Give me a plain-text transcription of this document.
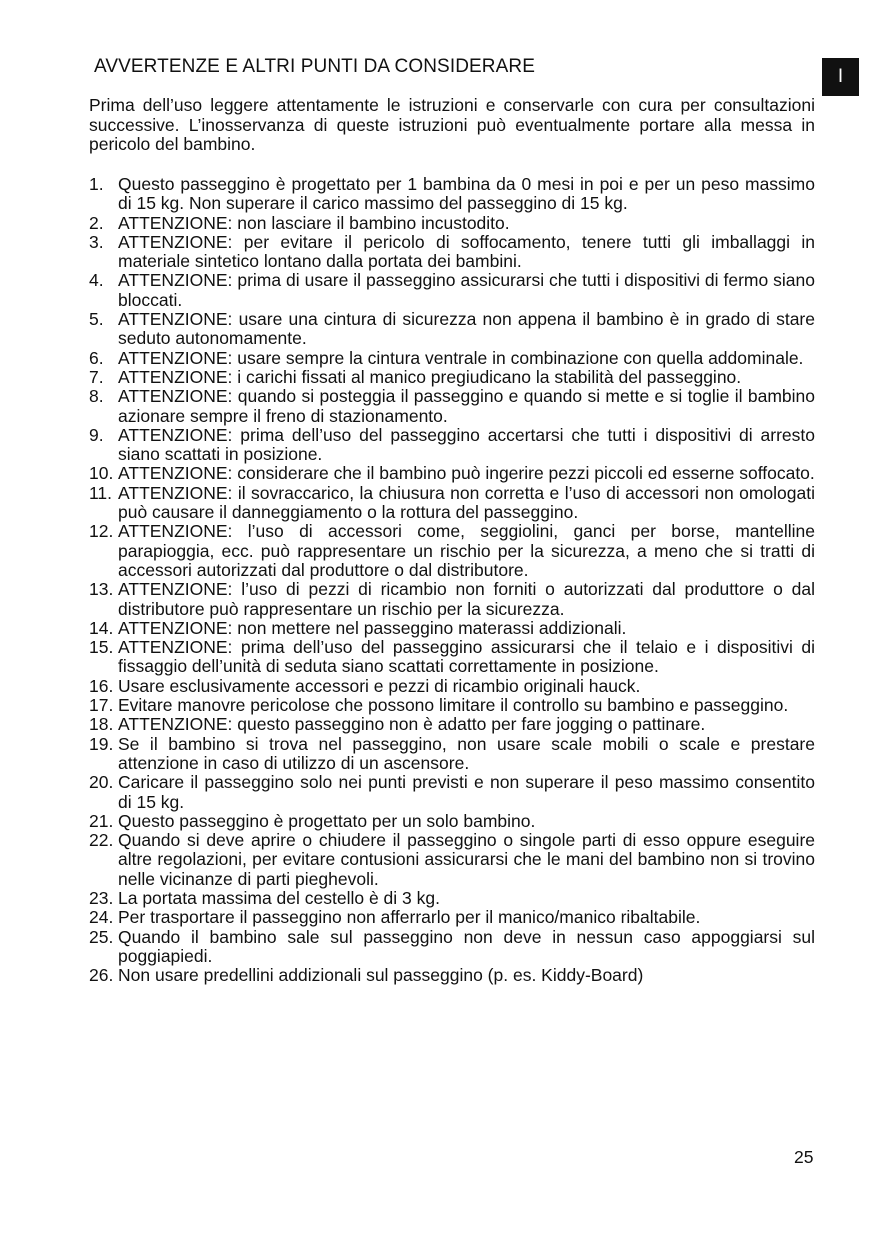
I
AVVERTENZE E ALTRI PUNTI DA CONSIDERARE

Prima dell’uso leggere attentamente le istruzioni e conservarle con cura per consultazioni successive. L’inosservanza di queste istruzioni può eventualmente portare alla messa in pericolo del bambino.

1. Questo passeggino è progettato per 1 bambina da 0 mesi in poi e per un peso massimo di 15 kg. Non superare il carico massimo del passeggino di 15 kg.
2. ATTENZIONE: non lasciare il bambino incustodito.
3. ATTENZIONE: per evitare il pericolo di soffocamento, tenere tutti gli imballaggi in materiale sintetico lontano dalla portata dei bambini.
4. ATTENZIONE: prima di usare il passeggino assicurarsi che tutti i dispositivi di fermo siano bloccati.
5. ATTENZIONE: usare una cintura di sicurezza non appena il bambino è in grado di stare seduto autonomamente.
6. ATTENZIONE: usare sempre la cintura ventrale in combinazione con quella addominale.
7. ATTENZIONE: i carichi fissati al manico pregiudicano la stabilità del passeggino.
8. ATTENZIONE: quando si posteggia il passeggino e quando si mette e si toglie il bambino azionare sempre il freno di stazionamento.
9. ATTENZIONE: prima dell’uso del passeggino accertarsi che tutti i dispositivi di arresto siano scattati in posizione.
10. ATTENZIONE: considerare che il bambino può ingerire pezzi piccoli ed esserne soffocato.
11. ATTENZIONE: il sovraccarico, la chiusura non corretta e l’uso di accessori non omologati può causare il danneggiamento o la rottura del passeggino.
12. ATTENZIONE: l’uso di accessori come, seggiolini, ganci per borse, mantelline parapioggia, ecc. può rappresentare un rischio per la sicurezza, a meno che si tratti di accessori autorizzati dal produttore o dal distributore.
13. ATTENZIONE: l’uso di pezzi di ricambio non forniti o autorizzati dal produttore o dal distributore può rappresentare un rischio per la sicurezza.
14. ATTENZIONE: non mettere nel passeggino materassi addizionali.
15. ATTENZIONE: prima dell’uso del passeggino assicurarsi che il telaio e i dispositivi di fissaggio dell’unità di seduta siano scattati correttamente in posizione.
16. Usare esclusivamente accessori e pezzi di ricambio originali hauck.
17. Evitare manovre pericolose che possono limitare il controllo su bambino e passeggino.
18. ATTENZIONE: questo passeggino non è adatto per fare jogging o pattinare.
19. Se il bambino si trova nel passeggino, non usare scale mobili o scale e prestare attenzione in caso di utilizzo di un ascensore.
20. Caricare il passeggino solo nei punti previsti e non superare il peso massimo consentito di 15 kg.
21. Questo passeggino è progettato per un solo bambino.
22. Quando si deve aprire o chiudere il passeggino o singole parti di esso oppure eseguire altre regolazioni, per evitare contusioni assicurarsi che le mani del bambino non si trovino nelle vicinanze di parti pieghevoli.
23. La portata massima del cestello è di 3 kg.
24. Per trasportare il passeggino non afferrarlo per il manico/manico ribaltabile.
25. Quando il bambino sale sul passeggino non deve in nessun caso appoggiarsi sul poggiapiedi.
26. Non usare predellini addizionali sul passeggino (p. es. Kiddy-Board)
25
